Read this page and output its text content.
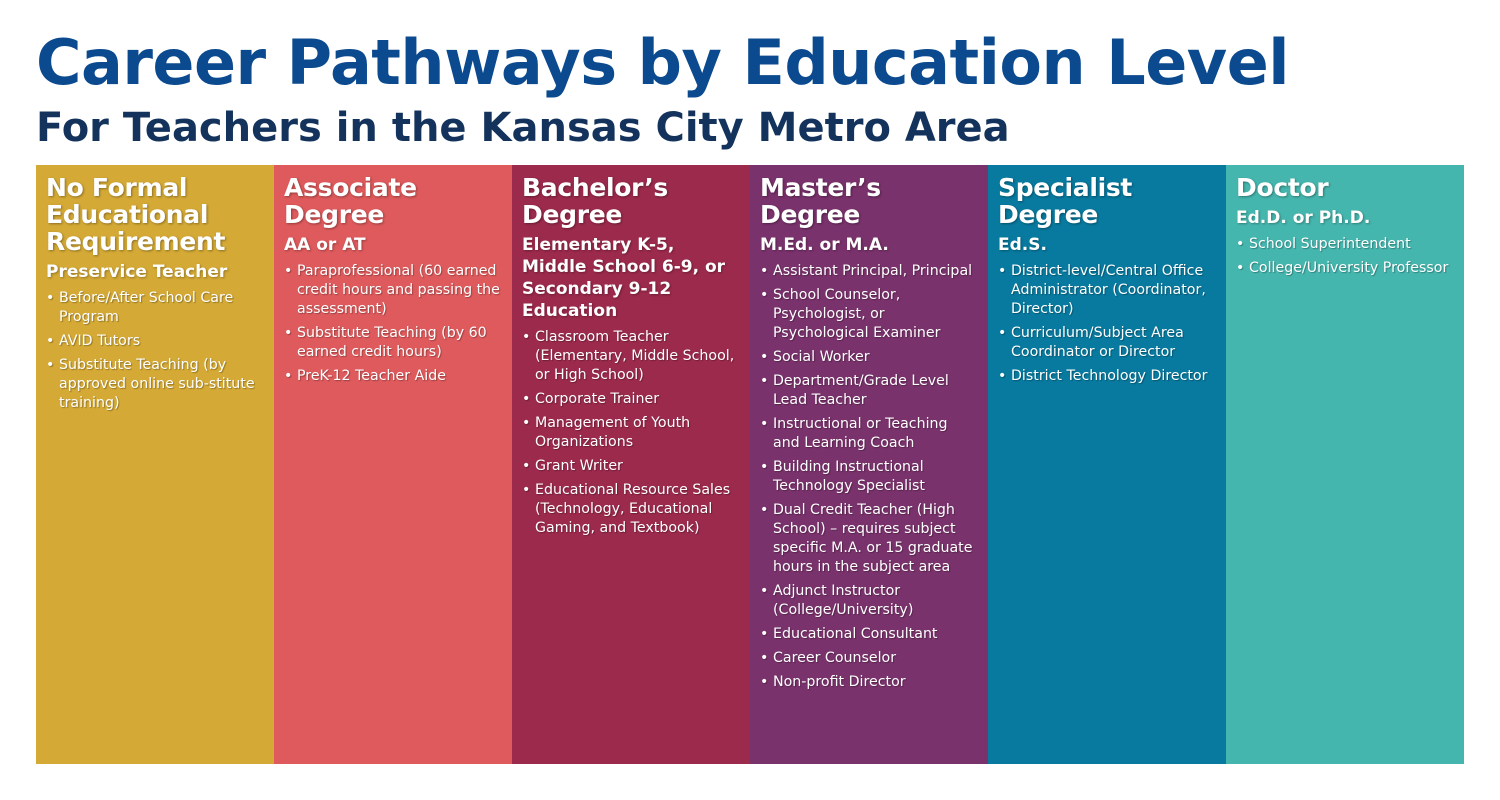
Career Pathways by Education Level
For Teachers in the Kansas City Metro Area
No Formal Educational Requirement
Preservice Teacher
• Before/After School Care Program
• AVID Tutors
• Substitute Teaching (by approved online sub-stitute training)
Associate Degree
AA or AT
• Paraprofessional (60 earned credit hours and passing the assessment)
• Substitute Teaching (by 60 earned credit hours)
• PreK-12 Teacher Aide
Bachelor’s Degree
Elementary K-5, Middle School 6-9, or Secondary 9-12 Education
• Classroom Teacher (Elementary, Middle School, or High School)
• Corporate Trainer
• Management of Youth Organizations
• Grant Writer
• Educational Resource Sales (Technology, Educational Gaming, and Textbook)
Master’s Degree
M.Ed. or M.A.
• Assistant Principal, Principal
• School Counselor, Psychologist, or Psychological Examiner
• Social Worker
• Department/Grade Level Lead Teacher
• Instructional or Teaching and Learning Coach
• Building Instructional Technology Specialist
• Dual Credit Teacher (High School) – requires subject specific M.A. or 15 graduate hours in the subject area
• Adjunct Instructor (College/University)
• Educational Consultant
• Career Counselor
• Non-profit Director
Specialist Degree
Ed.S.
• District-level/Central Office Administrator (Coordinator, Director)
• Curriculum/Subject Area Coordinator or Director
• District Technology Director
Doctor
Ed.D. or Ph.D.
• School Superintendent
• College/University Professor
